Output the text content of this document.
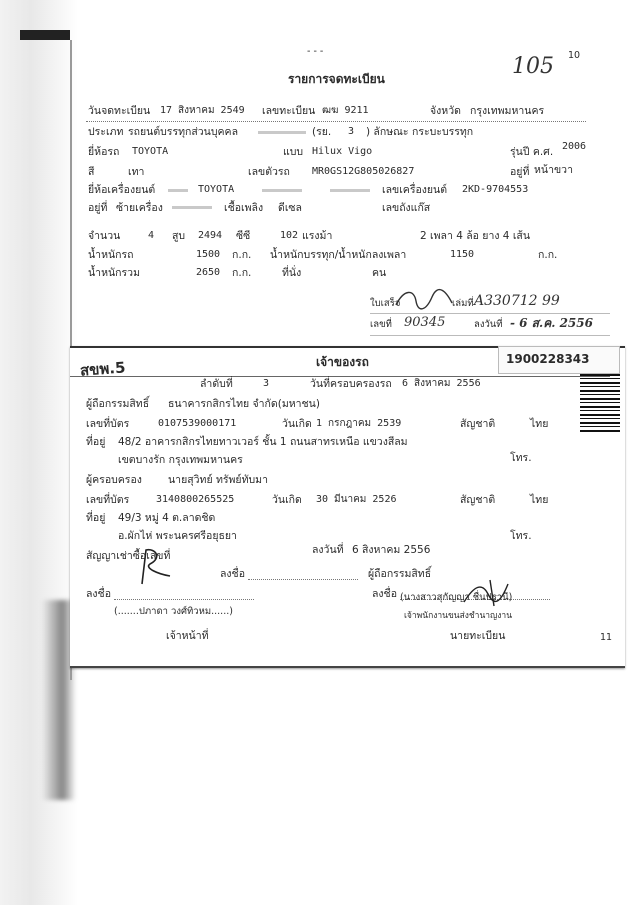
- - -	10
105
รายการจดทะเบียน
วันจดทะเบียน 17 สิงหาคม 2549 เลขทะเบียน ฒฆ 9211	จังหวัด กรุงเทพมหานคร
ประเภท รถยนต์บรรทุกส่วนบุคคล	(รย. 3 ) ลักษณะ กระบะบรรทุก
ยี่ห้อรถ TOYOTA	แบบ Hilux Vigo	รุ่นปี ค.ศ. 2006
สี	เทา	เลขตัวรถ MR0GS12G805026827	อยู่ที่ หน้าขวา
ยี่ห้อเครื่องยนต์	TOYOTA	เลขเครื่องยนต์ 2KD-9704553
อยู่ที่ ซ้ายเครื่อง	เชื้อเพลิง ดีเซล	เลขถังแก๊ส
จำนวน	4 สูบ 2494 ซีซี	102 แรงม้า	2 เพลา 4 ล้อ ยาง 4 เส้น
น้ำหนักรถ	1500 ก.ก. น้ำหนักบรรทุก/น้ำหนักลงเพลา	1150	ก.ก.
น้ำหนักรวม	2650 ก.ก.	ที่นั่ง	คน
ใบเสร็จ	เล่มที่ A330712 99
เลขที่ 90345	ลงวันที่ - 6 ส.ค. 2556
1900228343
สขพ.5	เจ้าของรถ
ลำดับที่	3	วันที่ครอบครองรถ 6 สิงหาคม 2556
ผู้ถือกรรมสิทธิ์ ธนาคารกสิกรไทย จำกัด(มหาชน)
เลขที่บัตร	0107539000171	วันเกิด 1 กรกฎาคม 2539	สัญชาติ	ไทย
ที่อยู่ 48/2 อาคารกสิกรไทยทาวเวอร์ ชั้น 1 ถนนสาทรเหนือ แขวงสีลม
เขตบางรัก กรุงเทพมหานคร	โทร.
ผู้ครอบครอง นายสุวิทย์ ทรัพย์ทับมา
เลขที่บัตร	3140800265525	วันเกิด 30 มีนาคม 2526	สัญชาติ	ไทย
ที่อยู่ 49/3 หมู่ 4 ต.ลาดชิด
อ.ผักไห่ พระนครศรีอยุธยา	โทร.
สัญญาเช่าซื้อเลขที่	ลงวันที่ 6 สิงหาคม 2556
ลงชื่อ	ผู้ถือกรรมสิทธิ์
ลงชื่อ
(.......ปภาดา วงศ์ทิวหม......)
เจ้าหน้าที่
ลงชื่อ (นางสาวสุกัญญา ชื่นปรานี)
เจ้าพนักงานขนส่งชำนาญงาน
นายทะเบียน	11
